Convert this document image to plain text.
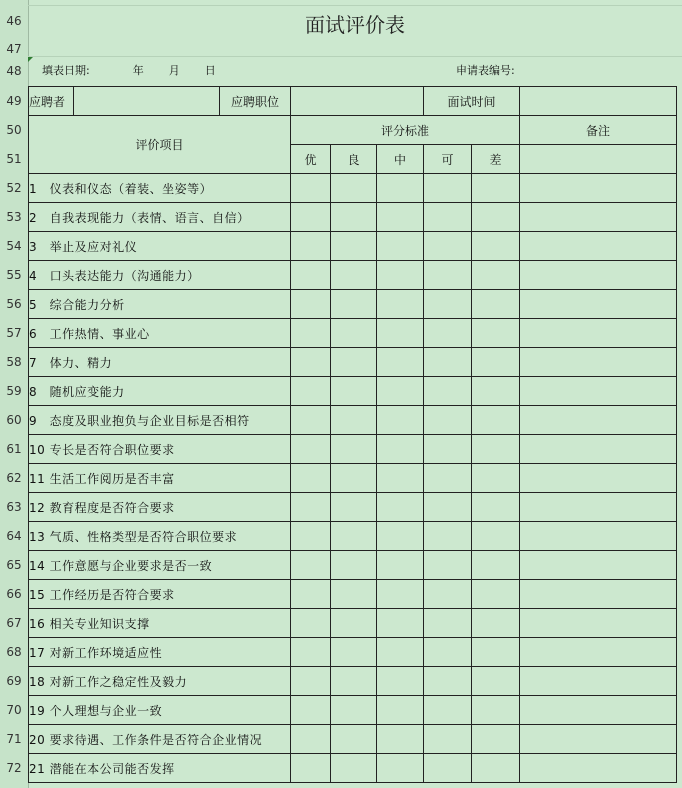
46
47
48
49
50
51
52
53
54
55
56
57
58
59
60
61
62
63
64
65
66
67
68
69
70
71
72
面试评价表
填表日期:	年 月 日	申请表编号:
应聘者		应聘职位				面试时间		
评价项目			评分标准					备注
			优	良	中	可	差	
1　仪表和仪态（着装、坐姿等）								
2　自我表现能力（表情、语言、自信）								
3　举止及应对礼仪								
4　口头表达能力（沟通能力）								
5　综合能力分析								
6　工作热情、事业心								
7　体力、精力								
8　随机应变能力								
9　态度及职业抱负与企业目标是否相符								
10 专长是否符合职位要求								
11 生活工作阅历是否丰富								
12 教育程度是否符合要求								
13 气质、性格类型是否符合职位要求								
14 工作意愿与企业要求是否一致								
15 工作经历是否符合要求								
16 相关专业知识支撑								
17 对新工作环境适应性								
18 对新工作之稳定性及毅力								
19 个人理想与企业一致								
20 要求待遇、工作条件是否符合企业情况								
21 潜能在本公司能否发挥								
